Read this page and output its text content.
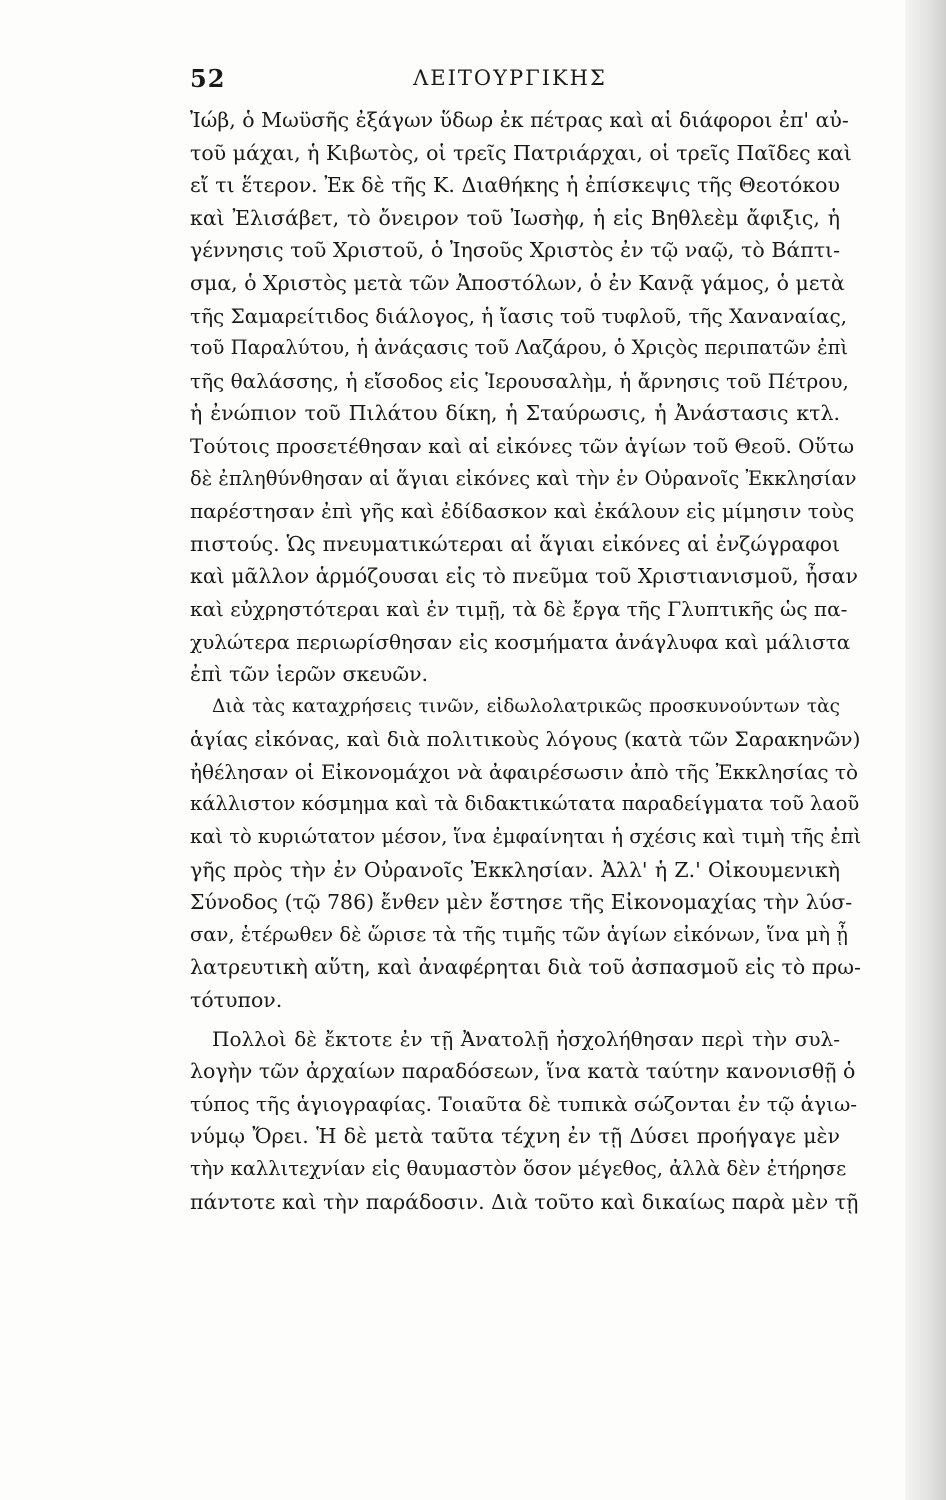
52	ΛΕΙΤΟΥΡΓΙΚΗΣ
Ἰώβ, ὁ Μωϋσῆς ἐξάγων ὕδωρ ἐκ πέτρας καὶ αἱ διάφοροι ἐπ' αὐ-
τοῦ μάχαι, ἡ Κιβωτὸς, οἱ τρεῖς Πατριάρχαι, οἱ τρεῖς Παῖδες καὶ
εἴ τι ἕτερον. Ἐκ δὲ τῆς Κ. Διαθήκης ἡ ἐπίσκεψις τῆς Θεοτόκου
καὶ Ἐλισάβετ, τὸ ὄνειρον τοῦ Ἰωσὴφ, ἡ εἰς Βηθλεὲμ ἄφιξις, ἡ
γέννησις τοῦ Χριστοῦ, ὁ Ἰησοῦς Χριστὸς ἐν τῷ ναῷ, τὸ Βάπτι-
σμα, ὁ Χριστὸς μετὰ τῶν Ἀποστόλων, ὁ ἐν Κανᾷ γάμος, ὁ μετὰ
τῆς Σαμαρείτιδος διάλογος, ἡ ἴασις τοῦ τυφλοῦ, τῆς Χαναναίας,
τοῦ Παραλύτου, ἡ ἀνάςασις τοῦ Λαζάρου, ὁ Χριςὸς περιπατῶν ἐπὶ
τῆς θαλάσσης, ἡ εἴσοδος εἰς Ἱερουσαλὴμ, ἡ ἄρνησις τοῦ Πέτρου,
ἡ ἐνώπιον τοῦ Πιλάτου δίκη, ἡ Σταύρωσις, ἡ Ἀνάστασις κτλ.
Τούτοις προσετέθησαν καὶ αἱ εἰκόνες τῶν ἁγίων τοῦ Θεοῦ. Οὕτω
δὲ ἐπληθύνθησαν αἱ ἅγιαι εἰκόνες καὶ τὴν ἐν Οὐρανοῖς Ἐκκλησίαν
παρέστησαν ἐπὶ γῆς καὶ ἐδίδασκον καὶ ἐκάλουν εἰς μίμησιν τοὺς
πιστούς. Ὡς πνευματικώτεραι αἱ ἅγιαι εἰκόνες αἱ ἐνζώγραφοι
καὶ μᾶλλον ἁρμόζουσαι εἰς τὸ πνεῦμα τοῦ Χριστιανισμοῦ, ἦσαν
καὶ εὐχρηστότεραι καὶ ἐν τιμῇ, τὰ δὲ ἔργα τῆς Γλυπτικῆς ὡς πα-
χυλώτερα περιωρίσθησαν εἰς κοσμήματα ἀνάγλυφα καὶ μάλιστα
ἐπὶ τῶν ἱερῶν σκευῶν.
Διὰ τὰς καταχρήσεις τινῶν, εἰδωλολατρικῶς προσκυνούντων τὰς
ἁγίας εἰκόνας, καὶ διὰ πολιτικοὺς λόγους (κατὰ τῶν Σαρακηνῶν)
ἠθέλησαν οἱ Εἰκονομάχοι νὰ ἀφαιρέσωσιν ἀπὸ τῆς Ἐκκλησίας τὸ
κάλλιστον κόσμημα καὶ τὰ διδακτικώτατα παραδείγματα τοῦ λαοῦ
καὶ τὸ κυριώτατον μέσον, ἵνα ἐμφαίνηται ἡ σχέσις καὶ τιμὴ τῆς ἐπὶ
γῆς πρὸς τὴν ἐν Οὐρανοῖς Ἐκκλησίαν. Ἀλλ' ἡ Ζ.' Οἰκουμενικὴ
Σύνοδος (τῷ 786) ἔνθεν μὲν ἔστησε τῆς Εἰκονομαχίας τὴν λύσ-
σαν, ἑτέρωθεν δὲ ὥρισε τὰ τῆς τιμῆς τῶν ἁγίων εἰκόνων, ἵνα μὴ ᾖ
λατρευτικὴ αὕτη, καὶ ἀναφέρηται διὰ τοῦ ἀσπασμοῦ εἰς τὸ πρω-
τότυπον.
Πολλοὶ δὲ ἔκτοτε ἐν τῇ Ἀνατολῇ ἠσχολήθησαν περὶ τὴν συλ-
λογὴν τῶν ἀρχαίων παραδόσεων, ἵνα κατὰ ταύτην κανονισθῇ ὁ
τύπος τῆς ἁγιογραφίας. Τοιαῦτα δὲ τυπικὰ σώζονται ἐν τῷ ἁγιω-
νύμῳ Ὄρει. Ἡ δὲ μετὰ ταῦτα τέχνη ἐν τῇ Δύσει προήγαγε μὲν
τὴν καλλιτεχνίαν εἰς θαυμαστὸν ὅσον μέγεθος, ἀλλὰ δὲν ἐτήρησε
πάντοτε καὶ τὴν παράδοσιν. Διὰ τοῦτο καὶ δικαίως παρὰ μὲν τῇ
